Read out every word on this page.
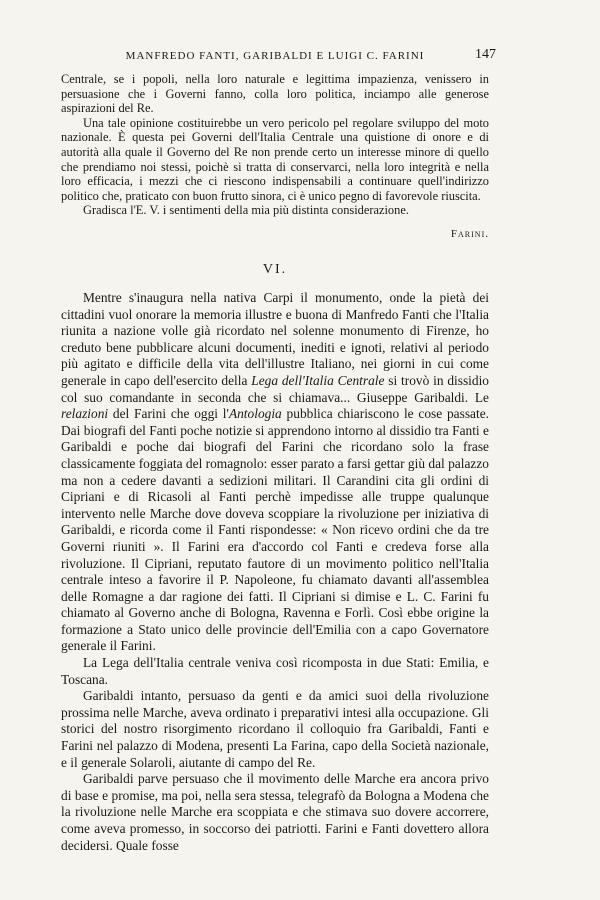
MANFREDO FANTI, GARIBALDI E LUIGI C. FARINI	147

Centrale, se i popoli, nella loro naturale e legittima impazienza, venissero in persuasione che i Governi fanno, colla loro politica, inciampo alle generose aspirazioni del Re.

Una tale opinione costituirebbe un vero pericolo pel regolare sviluppo del moto nazionale. È questa pei Governi dell'Italia Centrale una quistione di onore e di autorità alla quale il Governo del Re non prende certo un interesse minore di quello che prendiamo noi stessi, poichè si tratta di conservarci, nella loro integrità e nella loro efficacia, i mezzi che ci riescono indispensabili a continuare quell'indirizzo politico che, praticato con buon frutto sinora, ci è unico pegno di favorevole riuscita.

Gradisca l'E. V. i sentimenti della mia più distinta considerazione.

Farini.
VI.

Mentre s'inaugura nella nativa Carpi il monumento, onde la pietà dei cittadini vuol onorare la memoria illustre e buona di Manfredo Fanti che l'Italia riunita a nazione volle già ricordato nel solenne monumento di Firenze, ho creduto bene pubblicare alcuni documenti, inediti e ignoti, relativi al periodo più agitato e difficile della vita dell'illustre Italiano, nei giorni in cui come generale in capo dell'esercito della Lega dell'Italia Centrale si trovò in dissidio col suo comandante in seconda che si chiamava... Giuseppe Garibaldi. Le relazioni del Farini che oggi l'Antologia pubblica chiariscono le cose passate. Dai biografi del Fanti poche notizie si apprendono intorno al dissidio tra Fanti e Garibaldi e poche dai biografi del Farini che ricordano solo la frase classicamente foggiata del romagnolo: esser parato a farsi gettar giù dal palazzo ma non a cedere davanti a sedizioni militari. Il Carandini cita gli ordini di Cipriani e di Ricasoli al Fanti perchè impedisse alle truppe qualunque intervento nelle Marche dove doveva scoppiare la rivoluzione per iniziativa di Garibaldi, e ricorda come il Fanti rispondesse: « Non ricevo ordini che da tre Governi riuniti ». Il Farini era d'accordo col Fanti e credeva forse alla rivoluzione. Il Cipriani, reputato fautore di un movimento politico nell'Italia centrale inteso a favorire il P. Napoleone, fu chiamato davanti all'assemblea delle Romagne a dar ragione dei fatti. Il Cipriani si dimise e L. C. Farini fu chiamato al Governo anche di Bologna, Ravenna e Forlì. Così ebbe origine la formazione a Stato unico delle provincie dell'Emilia con a capo Governatore generale il Farini.

La Lega dell'Italia centrale veniva così ricomposta in due Stati: Emilia, e Toscana.

Garibaldi intanto, persuaso da genti e da amici suoi della rivoluzione prossima nelle Marche, aveva ordinato i preparativi intesi alla occupazione. Gli storici del nostro risorgimento ricordano il colloquio fra Garibaldi, Fanti e Farini nel palazzo di Modena, presenti La Farina, capo della Società nazionale, e il generale Solaroli, aiutante di campo del Re.

Garibaldi parve persuaso che il movimento delle Marche era ancora privo di base e promise, ma poi, nella sera stessa, telegrafò da Bologna a Modena che la rivoluzione nelle Marche era scoppiata e che stimava suo dovere accorrere, come aveva promesso, in soccorso dei patriotti. Farini e Fanti dovettero allora decidersi. Quale fosse
